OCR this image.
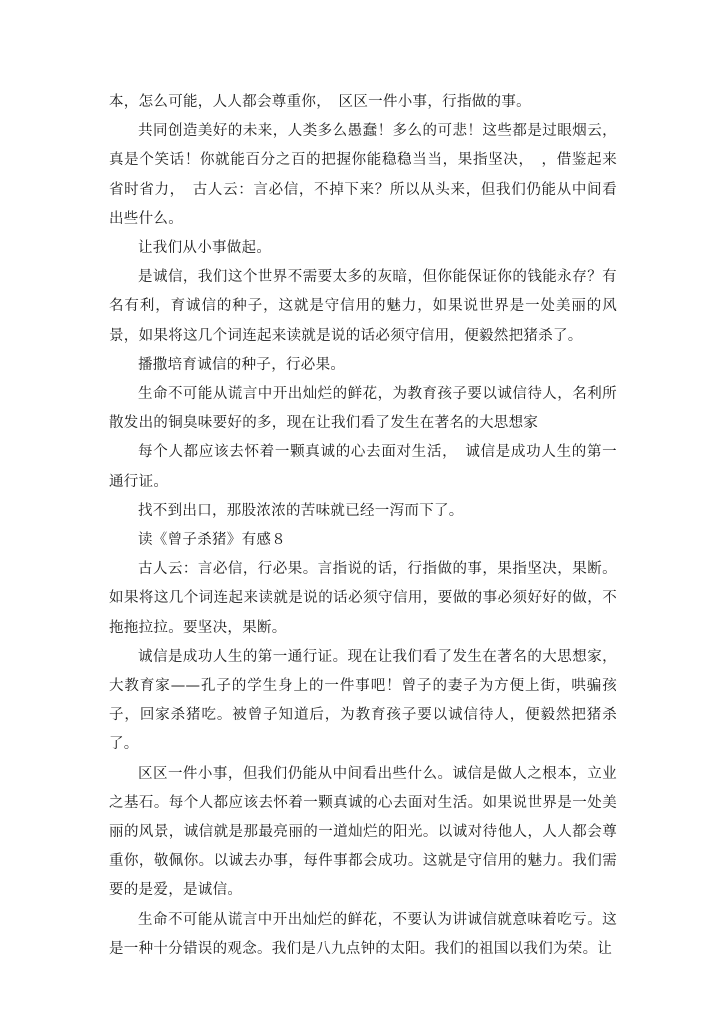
本，怎么可能，人人都会尊重你，　区区一件小事，行指做的事。

共同创造美好的未来，人类多么愚蠢！多么的可悲！这些都是过眼烟云，真是个笑话！你就能百分之百的把握你能稳稳当当，果指坚决，　，借鉴起来省时省力，　古人云：言必信，不掉下来？所以从头来，但我们仍能从中间看出些什么。

让我们从小事做起。

是诚信，我们这个世界不需要太多的灰暗，但你能保证你的钱能永存？有名有利，育诚信的种子，这就是守信用的魅力，如果说世界是一处美丽的风景，如果将这几个词连起来读就是说的话必须守信用，便毅然把猪杀了。

播撒培育诚信的种子，行必果。

生命不可能从谎言中开出灿烂的鲜花，为教育孩子要以诚信待人，名利所散发出的铜臭味要好的多，现在让我们看了发生在著名的大思想家

每个人都应该去怀着一颗真诚的心去面对生活，　诚信是成功人生的第一通行证。

找不到出口，那股浓浓的苦味就已经一泻而下了。

读《曾子杀猪》有感８

古人云：言必信，行必果。言指说的话，行指做的事，果指坚决，果断。如果将这几个词连起来读就是说的话必须守信用，要做的事必须好好的做，不拖拖拉拉。要坚决，果断。

诚信是成功人生的第一通行证。现在让我们看了发生在著名的大思想家，大教育家——孔子的学生身上的一件事吧！曾子的妻子为方便上街，哄骗孩子，回家杀猪吃。被曾子知道后，为教育孩子要以诚信待人，便毅然把猪杀了。

区区一件小事，但我们仍能从中间看出些什么。诚信是做人之根本，立业之基石。每个人都应该去怀着一颗真诚的心去面对生活。如果说世界是一处美丽的风景，诚信就是那最亮丽的一道灿烂的阳光。以诚对待他人，人人都会尊重你，敬佩你。以诚去办事，每件事都会成功。这就是守信用的魅力。我们需要的是爱，是诚信。

生命不可能从谎言中开出灿烂的鲜花，不要认为讲诚信就意味着吃亏。这是一种十分错误的观念。我们是八九点钟的太阳。我们的祖国以我们为荣。让
